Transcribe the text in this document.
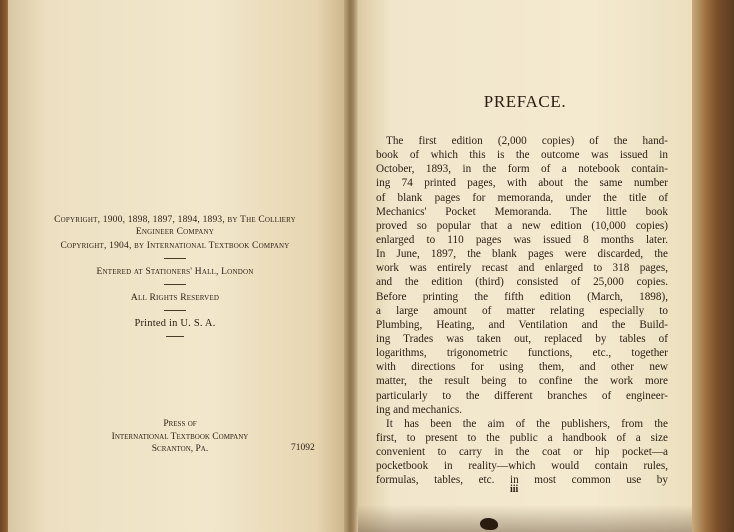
Copyright, 1900, 1898, 1897, 1894, 1893, by The Colliery
Engineer Company
Copyright, 1904, by International Textbook Company
Entered at Stationers' Hall, London
All Rights Reserved
Printed in U. S. A.
Press of
International Textbook Company
Scranton, Pa.	71092
PREFACE.
The first edition (2,000 copies) of the hand-
book of which this is the outcome was issued in
October, 1893, in the form of a notebook contain-
ing 74 printed pages, with about the same number
of blank pages for memoranda, under the title of
Mechanics' Pocket Memoranda. The little book
proved so popular that a new edition (10,000 copies)
enlarged to 110 pages was issued 8 months later.
In June, 1897, the blank pages were discarded, the
work was entirely recast and enlarged to 318 pages,
and the edition (third) consisted of 25,000 copies.
Before printing the fifth edition (March, 1898),
a large amount of matter relating especially to
Plumbing, Heating, and Ventilation and the Build-
ing Trades was taken out, replaced by tables of
logarithms, trigonometric functions, etc., together
with directions for using them, and other new
matter, the result being to confine the work more
particularly to the different branches of engineer-
ing and mechanics.
It has been the aim of the publishers, from the
first, to present to the public a handbook of a size
convenient to carry in the coat or hip pocket—a
pocketbook in reality—which would contain rules,
formulas, tables, etc. in most common use by
iii
